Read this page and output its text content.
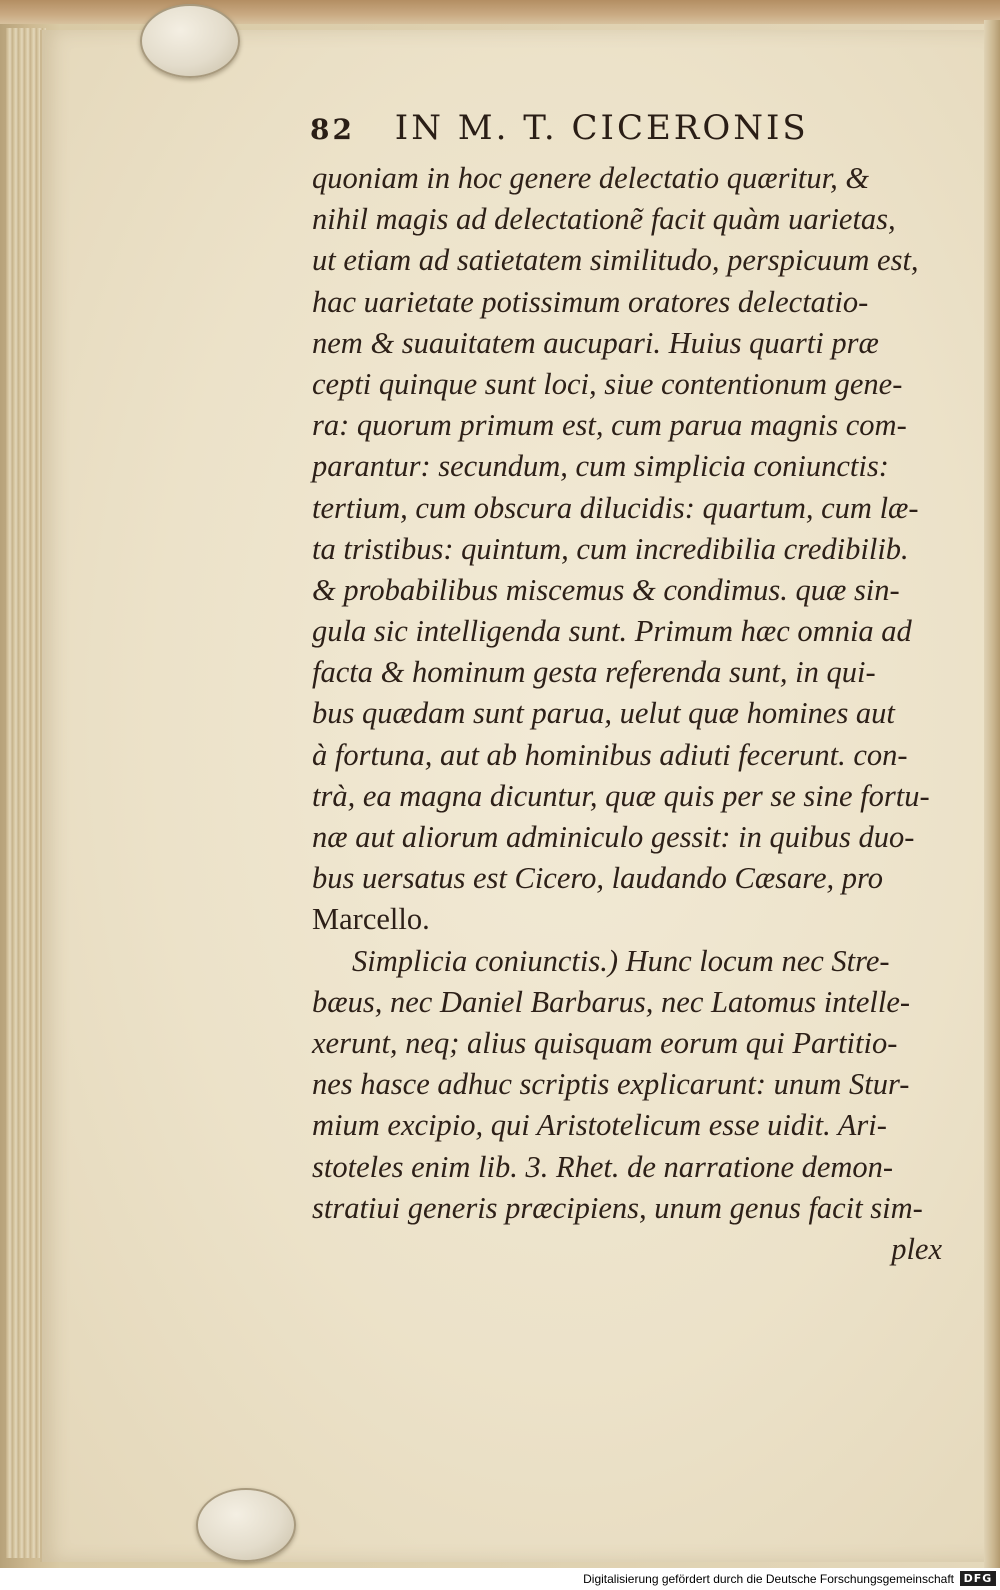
82 IN M. T. CICERONIS
quoniam in hoc genere delectatio quæritur, &
nihil magis ad delectationẽ facit quàm uarietas,
ut etiam ad satietatem similitudo, perspicuum est,
hac uarietate potissimum oratores delectatio-
nem & suauitatem aucupari. Huius quarti præ
cepti quinque sunt loci, siue contentionum gene-
ra: quorum primum est, cum parua magnis com-
parantur: secundum, cum simplicia coniunctis:
tertium, cum obscura dilucidis: quartum, cum læ-
ta tristibus: quintum, cum incredibilia credibilib.
& probabilibus miscemus & condimus. quæ sin-
gula sic intelligenda sunt. Primum hæc omnia ad
facta & hominum gesta referenda sunt, in qui-
bus quædam sunt parua, uelut quæ homines aut
à fortuna, aut ab hominibus adiuti fecerunt. con-
trà, ea magna dicuntur, quæ quis per se sine fortu-
næ aut aliorum adminiculo gessit: in quibus duo-
bus uersatus est Cicero, laudando Cæsare, pro
Marcello.
Simplicia coniunctis.) Hunc locum nec Stre-
bæus, nec Daniel Barbarus, nec Latomus intelle-
xerunt, neq; alius quisquam eorum qui Partitio-
nes hasce adhuc scriptis explicarunt: unum Stur-
mium excipio, qui Aristotelicum esse uidit. Ari-
stoteles enim lib. 3. Rhet. de narratione demon-
stratiui generis præcipiens, unum genus facit sim-
plex
Digitalisierung gefördert durch die Deutsche Forschungsgemeinschaft DFG
